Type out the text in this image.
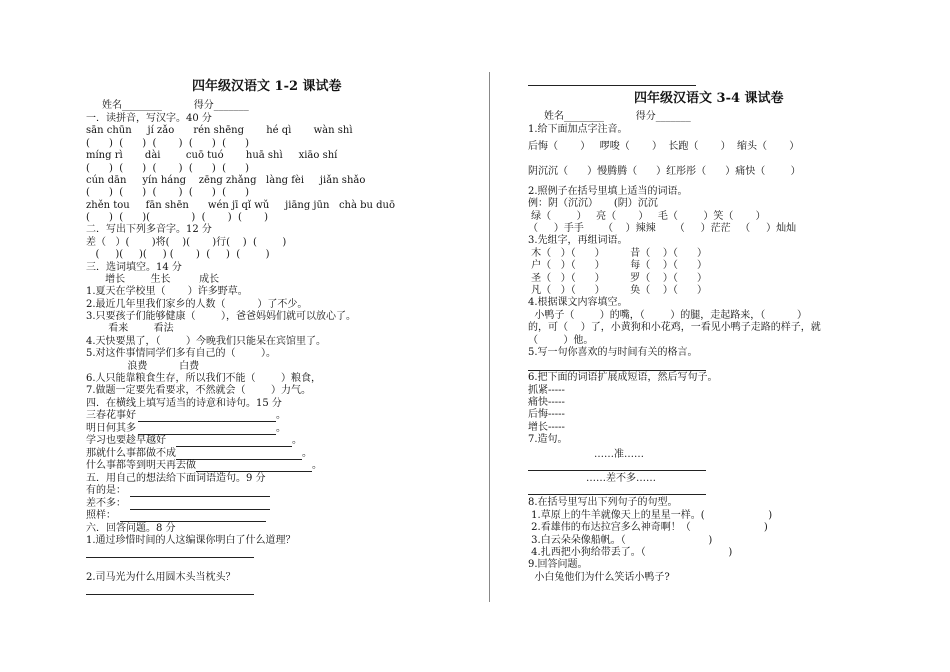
四年级汉语文 1-2 课试卷
姓名________          得分_______
一．读拼音，写汉字。40 分
sān chūn     jí zǎo      rén shēng       hé qì       wàn shì
(      )  (      )  (       )  (      )  (      )
míng rì       dài        cuō tuó       huā shì     xiāo shí
(      )  (      )  (       )  (      )  (      )
cún dān     yín háng    zēng zhǎng   làng fèi     jiǎn shǎo
(      )  (      )  (       )  (      )  (      )
zhěn tou     fān shēn      wén jī qǐ wǔ     jiāng jūn   chà bu duō
(      )  (      )(             )  (       )  (       )
二．写出下列多音字。12 分
差（   ）(       )将(    )(       )行(    )  (        )
(     )(     )(     ) (       )  (     )  (        )
三．选词填空。14 分
增长        生长         成长
1.夏天在学校里（       ）许多野草。
2.最近几年里我们家乡的人数（          ）了不少。
3.只要孩子们能够健康（        ），爸爸妈妈们就可以放心了。
看来        看法
4.天快要黑了，（        ）今晚我们只能呆在宾馆里了。
5.对这件事情同学们多有自己的（        ）。
浪费          白费
6.人只能靠粮食生存，所以我们不能（        ）粮食，
7.做题一定要先看要求，不然就会（        ）力气。
四．在横线上填写适当的诗意和诗句。15 分
三春花事好	。
明日何其多	。
学习也要趁早越好	。
那就什么事都做不成	。
什么事都等到明天再去做	。
五．用自己的想法给下面词语造句。9 分
有的是：
差不多：
照样：
六．回答问题。8 分
1.通过珍惜时间的人这编课你明白了什么道理？
2.司马光为什么用圆木头当枕头？
四年级汉语文 3-4 课试卷
姓名________          得分_______
1.给下面加点字注音。
后悔（       ）   啰唆（       ）  长跑（       ）  缩头（       ）
阴沉沉（      ）慢腾腾（      ）红彤彤（      ）痛快（        ）
2.照例子在括号里填上适当的词语。
例：阴（沉沉）     (阴）沉沉
绿（        ）   亮（       ）   毛（        ）笑（       ）
（     ）手手      （    ）辣辣      （     ）茫茫   （     ）灿灿
3.先组字，再组词语。
木（   ）（      ）        昔（    ）（      ）
户（   ）（      ）        每（    ）（      ）
圣（   ）（      ）        罗（    ）（      ）
凡（   ）（      ）        奂（    ）（      ）
4.根据课文内容填空。
小鸭子（        ）的嘴，（        ）的腿，走起路来，（          ）
的，可（    ）了，小黄狗和小花鸡，一看见小鸭子走路的样子，就
（        ）他。
5.写一句你喜欢的与时间有关的格言。
6.把下面的词语扩展成短语，然后写句子。
抓紧-----
痛快-----
后悔-----
增长-----
7.造句。
……准……
……差不多……
8.在括号里写出下列句子的句型。
1.草原上的牛羊就像天上的星星一样。(                    )
2.看雄伟的布达拉宫多么神奇啊！（                       )
3.白云朵朵像船帆。（                          )
4.扎西把小狗给带丢了。（                          )
9.回答问题。
小白兔他们为什么笑话小鸭子?
